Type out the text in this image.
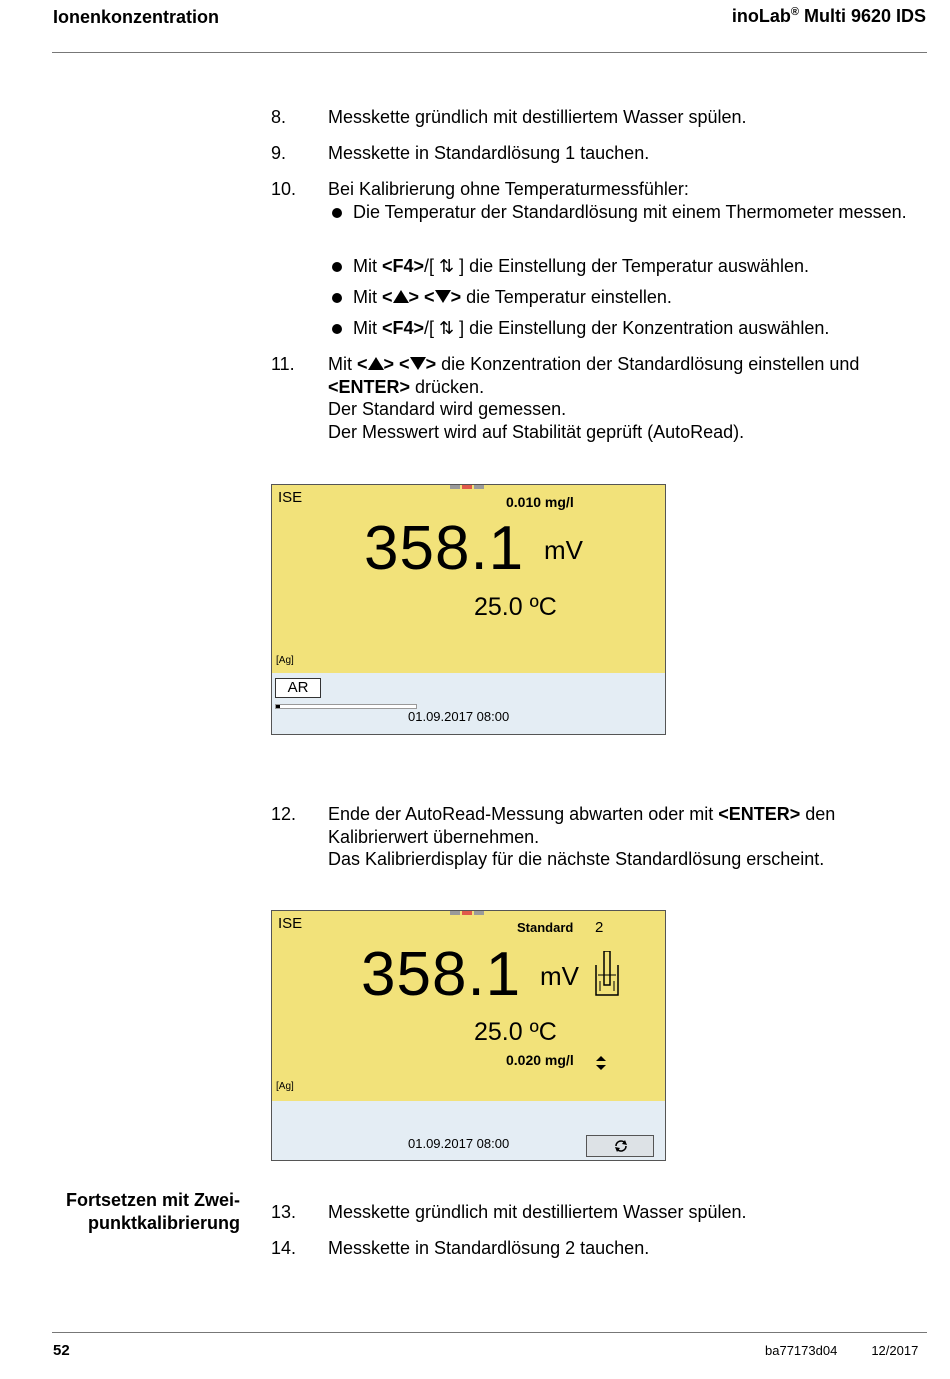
Ionenkonzentration	inoLab® Multi 9620 IDS
8. Messkette gründlich mit destilliertem Wasser spülen.
9. Messkette in Standardlösung 1 tauchen.
10. Bei Kalibrierung ohne Temperaturmessfühler:
Die Temperatur der Standardlösung mit einem Thermometer messen.
Mit <F4>/[ ⇅ ] die Einstellung der Temperatur auswählen.
Mit < > < > die Temperatur einstellen.
Mit <F4>/[ ⇅ ] die Einstellung der Konzentration auswählen.
11. Mit < > < > die Konzentration der Standardlösung einstellen und <ENTER> drücken.
Der Standard wird gemessen.
Der Messwert wird auf Stabilität geprüft (AutoRead).
ISE	0.010 mg/l
358.1 mV
25.0 ºC
[Ag]
AR
01.09.2017 08:00
12. Ende der AutoRead-Messung abwarten oder mit <ENTER> den Kalibrierwert übernehmen.
Das Kalibrierdisplay für die nächste Standardlösung erscheint.
ISE	Standard 2
358.1 mV
25.0 ºC
0.020 mg/l
[Ag]
01.09.2017 08:00
Fortsetzen mit Zwei-
punktkalibrierung
13. Messkette gründlich mit destilliertem Wasser spülen.
14. Messkette in Standardlösung 2 tauchen.
52	ba77173d04	12/2017
